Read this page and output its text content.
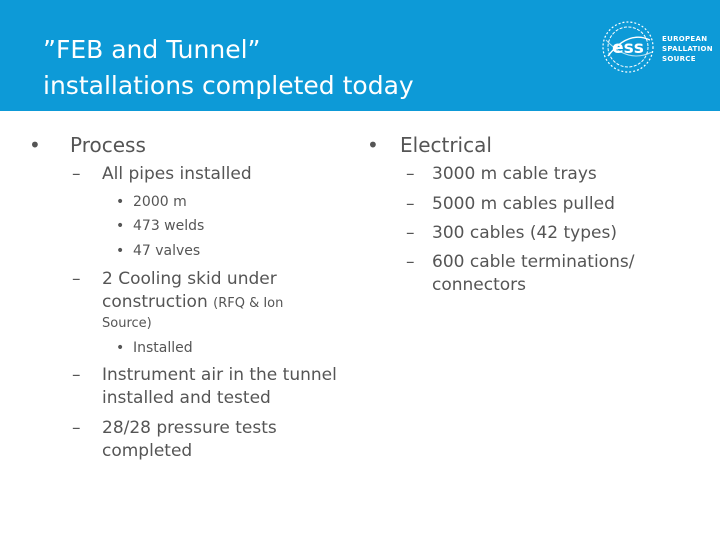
”FEB and Tunnel”
installations completed today
ess	EUROPEAN
SPALLATION
SOURCE
• Process
– All pipes installed
• 2000 m
• 473 welds
• 47 valves
– 2 Cooling skid under
construction (RFQ & Ion
Source)
• Installed
– Instrument air in the tunnel
installed and tested
– 28/28 pressure tests
completed
• Electrical
– 3000 m cable trays
– 5000 m cables pulled
– 300 cables (42 types)
– 600 cable terminations/
connectors
